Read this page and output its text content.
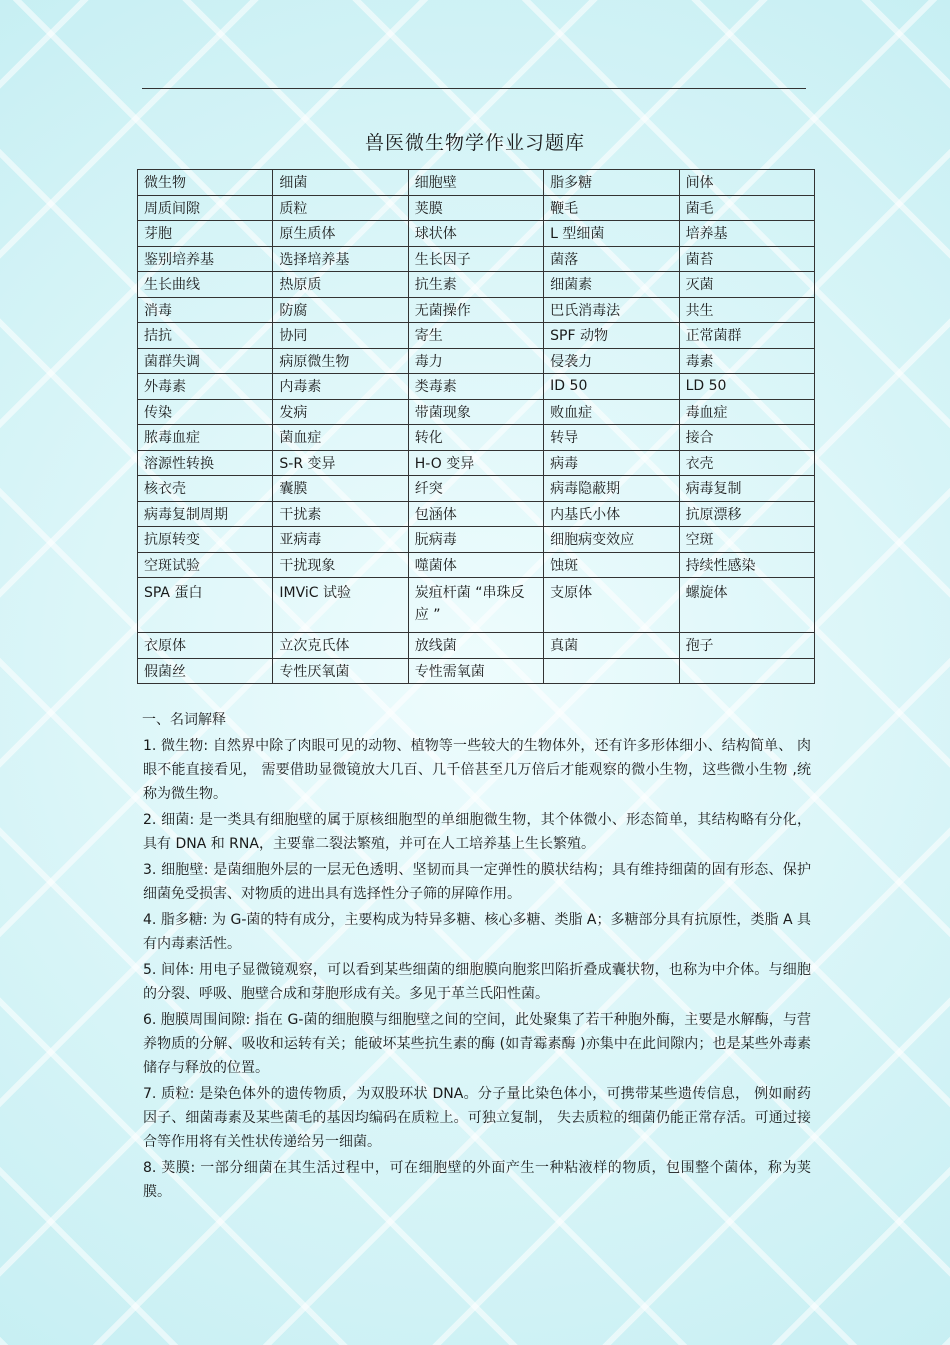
兽医微生物学作业习题库
微生物	细菌	细胞壁	脂多糖	间体
周质间隙	质粒	荚膜	鞭毛	菌毛
芽胞	原生质体	球状体	L 型细菌	培养基
鉴别培养基	选择培养基	生长因子	菌落	菌苔
生长曲线	热原质	抗生素	细菌素	灭菌
消毒	防腐	无菌操作	巴氏消毒法	共生
拮抗	协同	寄生	SPF 动物	正常菌群
菌群失调	病原微生物	毒力	侵袭力	毒素
外毒素	内毒素	类毒素	ID 50	LD 50
传染	发病	带菌现象	败血症	毒血症
脓毒血症	菌血症	转化	转导	接合
溶源性转换	S-R 变异	H-O 变异	病毒	衣壳
核衣壳	囊膜	纤突	病毒隐蔽期	病毒复制
病毒复制周期	干扰素	包涵体	内基氏小体	抗原漂移
抗原转变	亚病毒	朊病毒	细胞病变效应	空斑
空斑试验	干扰现象	噬菌体	蚀斑	持续性感染
SPA 蛋白	IMViC 试验	炭疽杆菌 “串珠反应 ”	支原体	螺旋体
衣原体	立次克氏体	放线菌	真菌	孢子
假菌丝	专性厌氧菌	专性需氧菌		
一、名词解释
1. 微生物: 自然界中除了肉眼可见的动物、植物等一些较大的生物体外，还有许多形体细小、结构简单、 肉眼不能直接看见， 需要借助显微镜放大几百、几千倍甚至几万倍后才能观察的微小生物，这些微小生物 ,统称为微生物。
2. 细菌: 是一类具有细胞壁的属于原核细胞型的单细胞微生物，其个体微小、形态简单，其结构略有分化，具有 DNA 和 RNA，主要靠二裂法繁殖，并可在人工培养基上生长繁殖。
3. 细胞壁: 是菌细胞外层的一层无色透明、坚韧而具一定弹性的膜状结构；具有维持细菌的固有形态、保护细菌免受损害、对物质的进出具有选择性分子筛的屏障作用。
4. 脂多糖: 为 G-菌的特有成分，主要构成为特异多糖、核心多糖、类脂 A；多糖部分具有抗原性，类脂 A 具有内毒素活性。
5. 间体: 用电子显微镜观察，可以看到某些细菌的细胞膜向胞浆凹陷折叠成囊状物，也称为中介体。与细胞的分裂、呼吸、胞壁合成和芽胞形成有关。多见于革兰氏阳性菌。
6. 胞膜周围间隙: 指在 G-菌的细胞膜与细胞壁之间的空间，此处聚集了若干种胞外酶，主要是水解酶，与营养物质的分解、吸收和运转有关；能破坏某些抗生素的酶 (如青霉素酶 )亦集中在此间隙内；也是某些外毒素储存与释放的位置。
7. 质粒: 是染色体外的遗传物质，为双股环状 DNA。分子量比染色体小，可携带某些遗传信息， 例如耐药因子、细菌毒素及某些菌毛的基因均编码在质粒上。可独立复制， 失去质粒的细菌仍能正常存活。可通过接合等作用将有关性状传递给另一细菌。
8. 荚膜: 一部分细菌在其生活过程中，可在细胞壁的外面产生一种粘液样的物质，包围整个菌体，称为荚膜。
